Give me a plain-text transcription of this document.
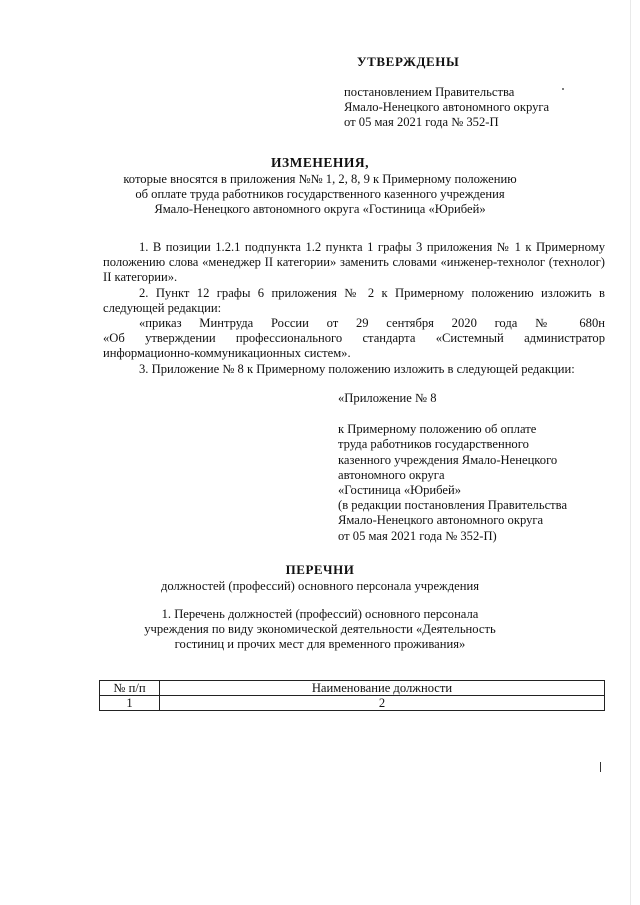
УТВЕРЖДЕНЫ
постановлением Правительства
Ямало-Ненецкого автономного округа
от 05 мая 2021 года № 352-П
ИЗМЕНЕНИЯ,
которые вносятся в приложения №№ 1, 2, 8, 9 к Примерному положению
об оплате труда работников государственного казенного учреждения
Ямало-Ненецкого автономного округа «Гостиница «Юрибей»

1. В позиции 1.2.1 подпункта 1.2 пункта 1 графы 3 приложения № 1 к Примерному положению слова «менеджер II категории» заменить словами «инженер-технолог (технолог) II категории».

2. Пункт 12 графы 6 приложения № 2 к Примерному положению изложить в следующей редакции:

«приказ Минтруда России от 29 сентября 2020 года № 680н

«Об утверждении профессионального стандарта «Системный администратор информационно-коммуникационных систем».

3. Приложение № 8 к Примерному положению изложить в следующей редакции:

«Приложение № 8
к Примерному положению об оплате
труда работников государственного
казенного учреждения Ямало-Ненецкого
автономного округа
«Гостиница «Юрибей»
(в редакции постановления Правительства
Ямало-Ненецкого автономного округа
от 05 мая 2021 года № 352-П)
ПЕРЕЧНИ
должностей (профессий) основного персонала учреждения
1. Перечень должностей (профессий) основного персонала
учреждения по виду экономической деятельности «Деятельность
гостиниц и прочих мест для временного проживания»
№ п/п	Наименование должности
1	2
